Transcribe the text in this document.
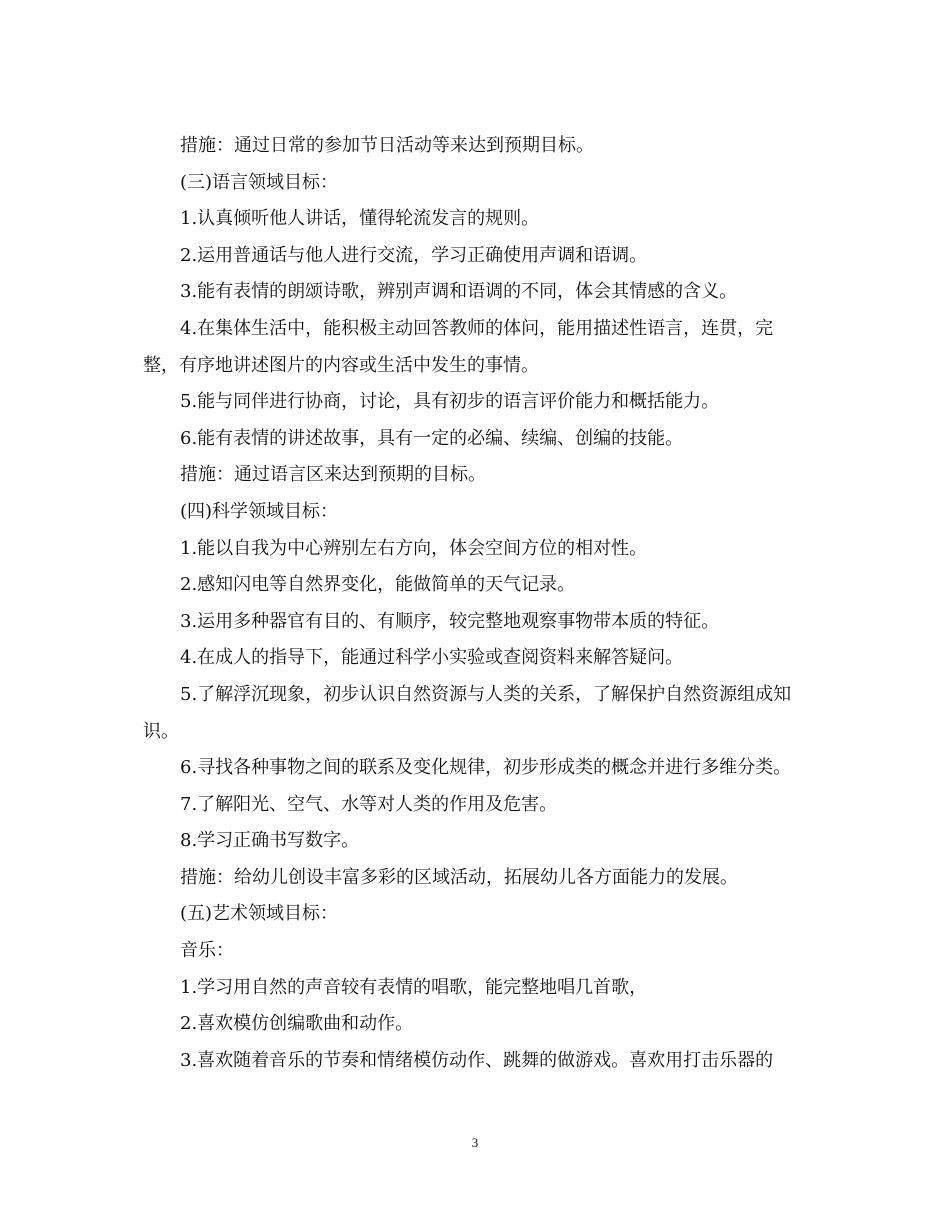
措施：通过日常的参加节日活动等来达到预期目标。

(三)语言领域目标：

1.认真倾听他人讲话，懂得轮流发言的规则。

2.运用普通话与他人进行交流，学习正确使用声调和语调。

3.能有表情的朗颂诗歌，辨别声调和语调的不同，体会其情感的含义。

4.在集体生活中，能积极主动回答教师的体问，能用描述性语言，连贯，完整，有序地讲述图片的内容或生活中发生的事情。

5.能与同伴进行协商，讨论，具有初步的语言评价能力和概括能力。

6.能有表情的讲述故事，具有一定的必编、续编、创编的技能。

措施：通过语言区来达到预期的目标。

(四)科学领域目标：

1.能以自我为中心辨别左右方向，体会空间方位的相对性。

2.感知闪电等自然界变化，能做简单的天气记录。

3.运用多种器官有目的、有顺序，较完整地观察事物带本质的特征。

4.在成人的指导下，能通过科学小实验或查阅资料来解答疑问。

5.了解浮沉现象，初步认识自然资源与人类的关系，了解保护自然资源组成知识。

6.寻找各种事物之间的联系及变化规律，初步形成类的概念并进行多维分类。

7.了解阳光、空气、水等对人类的作用及危害。

8.学习正确书写数字。

措施：给幼儿创设丰富多彩的区域活动，拓展幼儿各方面能力的发展。

(五)艺术领域目标：

音乐：

1.学习用自然的声音较有表情的唱歌，能完整地唱几首歌，

2.喜欢模仿创编歌曲和动作。

3.喜欢随着音乐的节奏和情绪模仿动作、跳舞的做游戏。喜欢用打击乐器的

3
